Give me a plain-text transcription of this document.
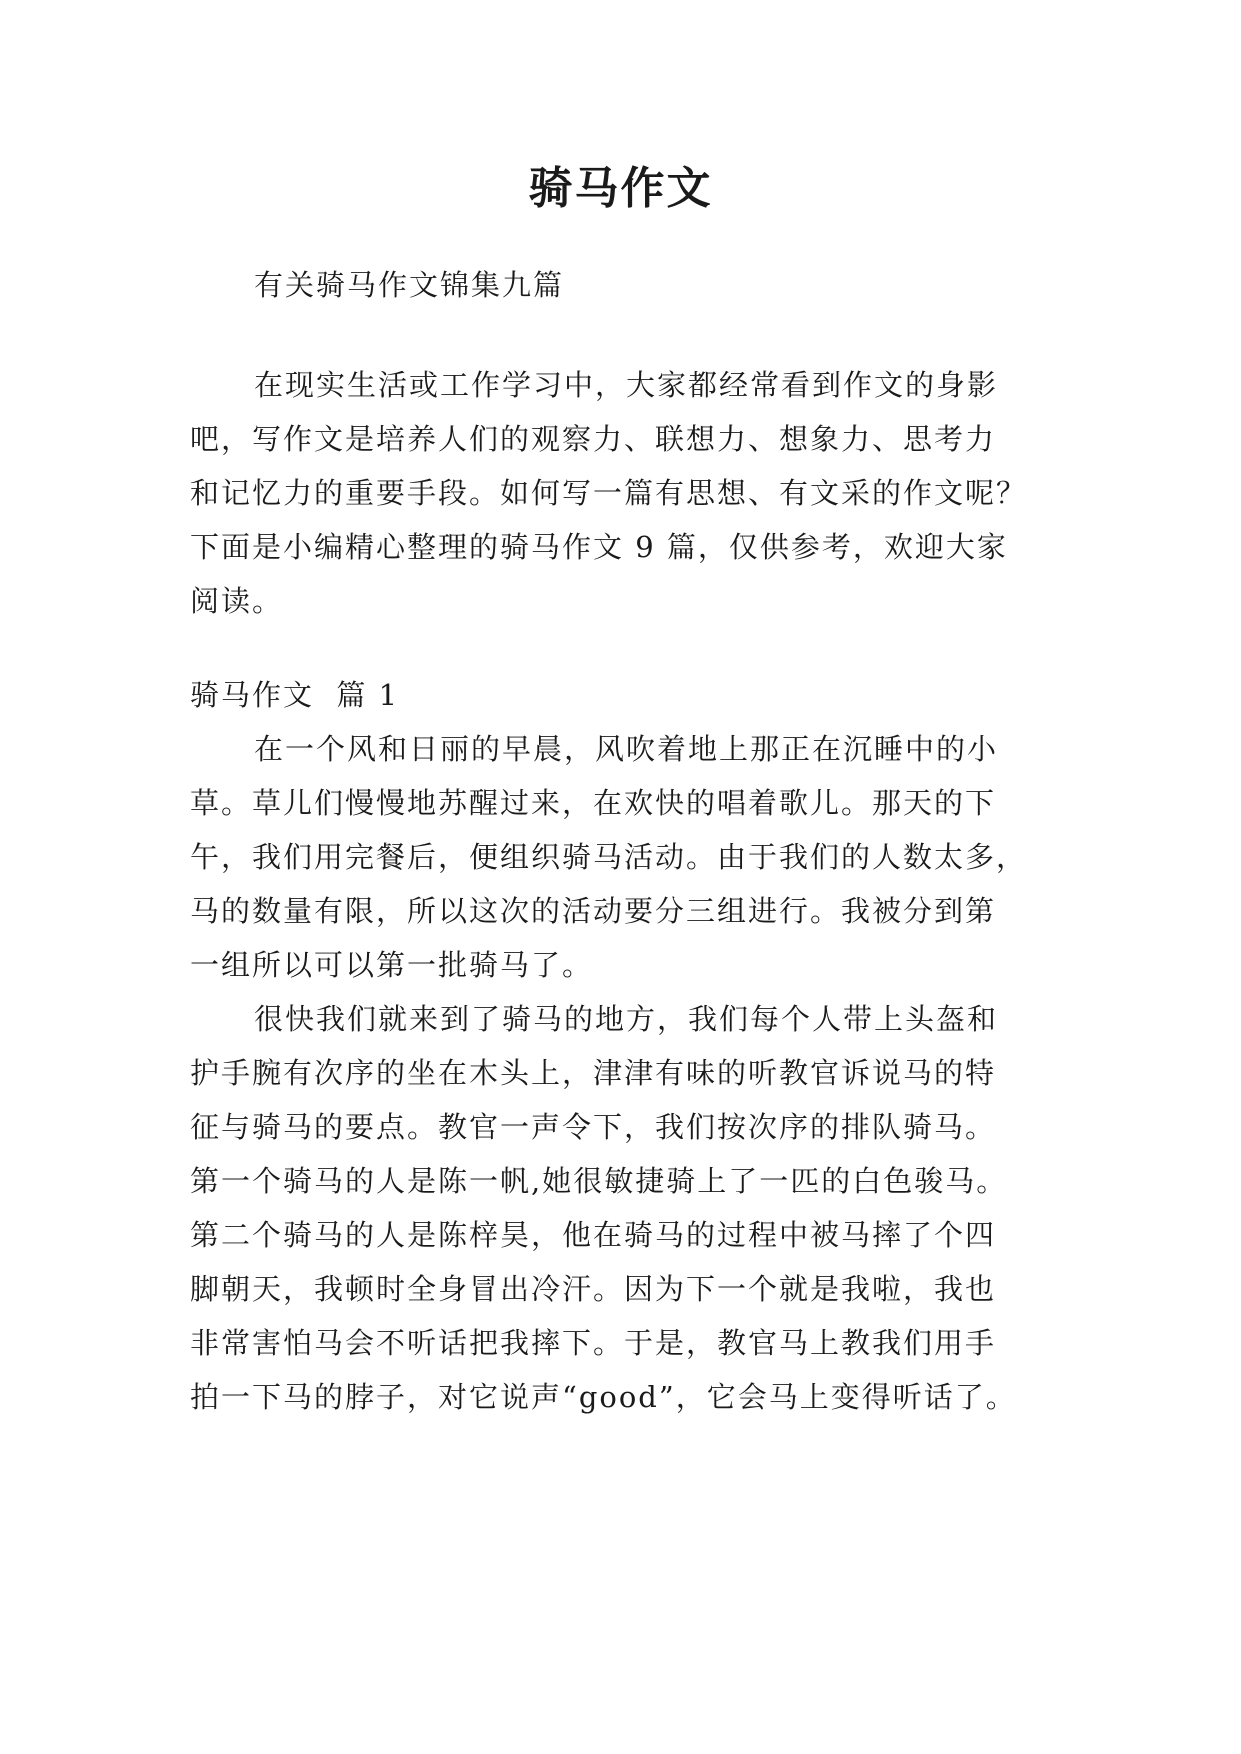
骑马作文

有关骑马作文锦集九篇

在现实生活或工作学习中，大家都经常看到作文的身影
吧，写作文是培养人们的观察力、联想力、想象力、思考力
和记忆力的重要手段。如何写一篇有思想、有文采的作文呢？
下面是小编精心整理的骑马作文 9 篇，仅供参考，欢迎大家
阅读。

骑马作文  篇 1

在一个风和日丽的早晨，风吹着地上那正在沉睡中的小
草。草儿们慢慢地苏醒过来，在欢快的唱着歌儿。那天的下
午，我们用完餐后，便组织骑马活动。由于我们的人数太多，
马的数量有限，所以这次的活动要分三组进行。我被分到第
一组所以可以第一批骑马了。

很快我们就来到了骑马的地方，我们每个人带上头盔和
护手腕有次序的坐在木头上，津津有味的听教官诉说马的特
征与骑马的要点。教官一声令下，我们按次序的排队骑马。
第一个骑马的人是陈一帆,她很敏捷骑上了一匹的白色骏马。
第二个骑马的人是陈梓昊，他在骑马的过程中被马摔了个四
脚朝天，我顿时全身冒出冷汗。因为下一个就是我啦，我也
非常害怕马会不听话把我摔下。于是，教官马上教我们用手
拍一下马的脖子，对它说声“good”，它会马上变得听话了。
